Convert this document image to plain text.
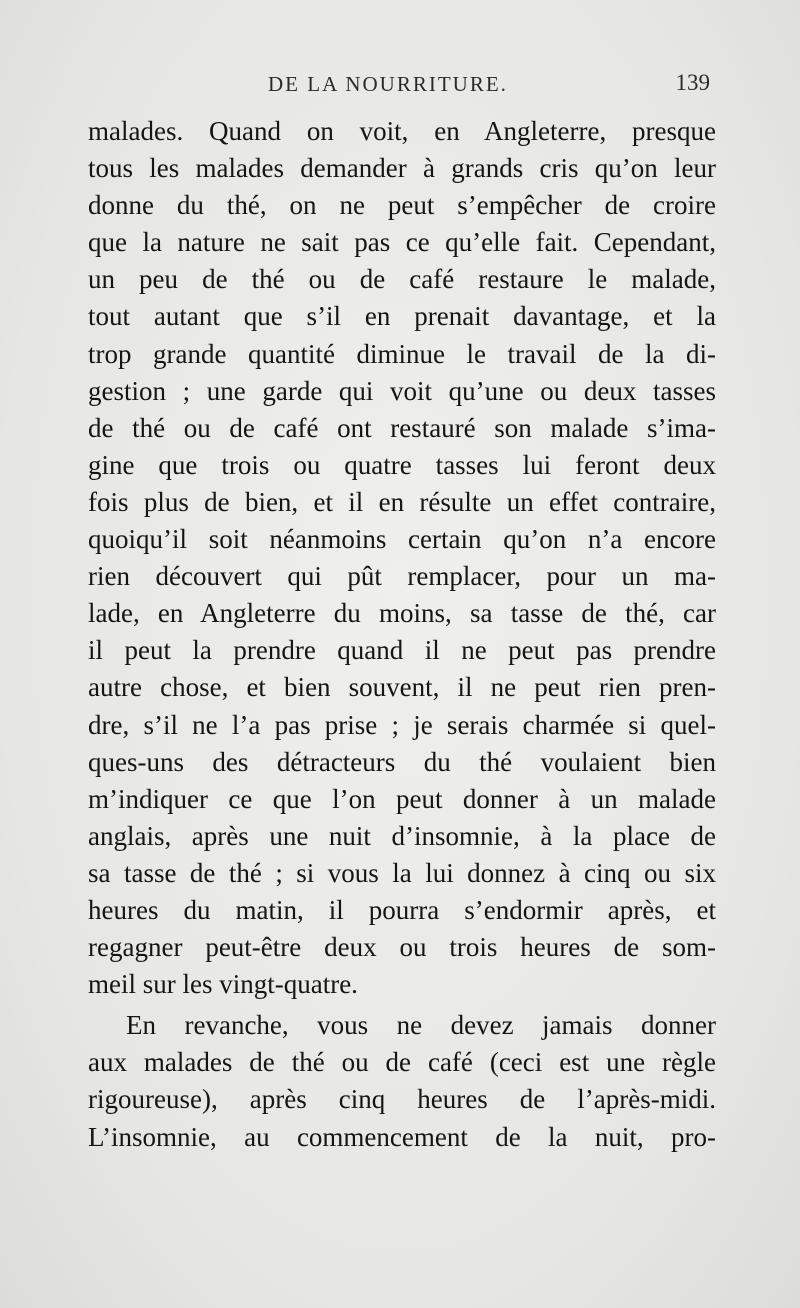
DE LA NOURRITURE.	139
malades. Quand on voit, en Angleterre, presque
tous les malades demander à grands cris qu’on leur
donne du thé, on ne peut s’empêcher de croire
que la nature ne sait pas ce qu’elle fait. Cependant,
un peu de thé ou de café restaure le malade,
tout autant que s’il en prenait davantage, et la
trop grande quantité diminue le travail de la di-
gestion ; une garde qui voit qu’une ou deux tasses
de thé ou de café ont restauré son malade s’ima-
gine que trois ou quatre tasses lui feront deux
fois plus de bien, et il en résulte un effet contraire,
quoiqu’il soit néanmoins certain qu’on n’a encore
rien découvert qui pût remplacer, pour un ma-
lade, en Angleterre du moins, sa tasse de thé, car
il peut la prendre quand il ne peut pas prendre
autre chose, et bien souvent, il ne peut rien pren-
dre, s’il ne l’a pas prise ; je serais charmée si quel-
ques-uns des détracteurs du thé voulaient bien
m’indiquer ce que l’on peut donner à un malade
anglais, après une nuit d’insomnie, à la place de
sa tasse de thé ; si vous la lui donnez à cinq ou six
heures du matin, il pourra s’endormir après, et
regagner peut-être deux ou trois heures de som-
meil sur les vingt-quatre.
En revanche, vous ne devez jamais donner
aux malades de thé ou de café (ceci est une règle
rigoureuse), après cinq heures de l’après-midi.
L’insomnie, au commencement de la nuit, pro-
